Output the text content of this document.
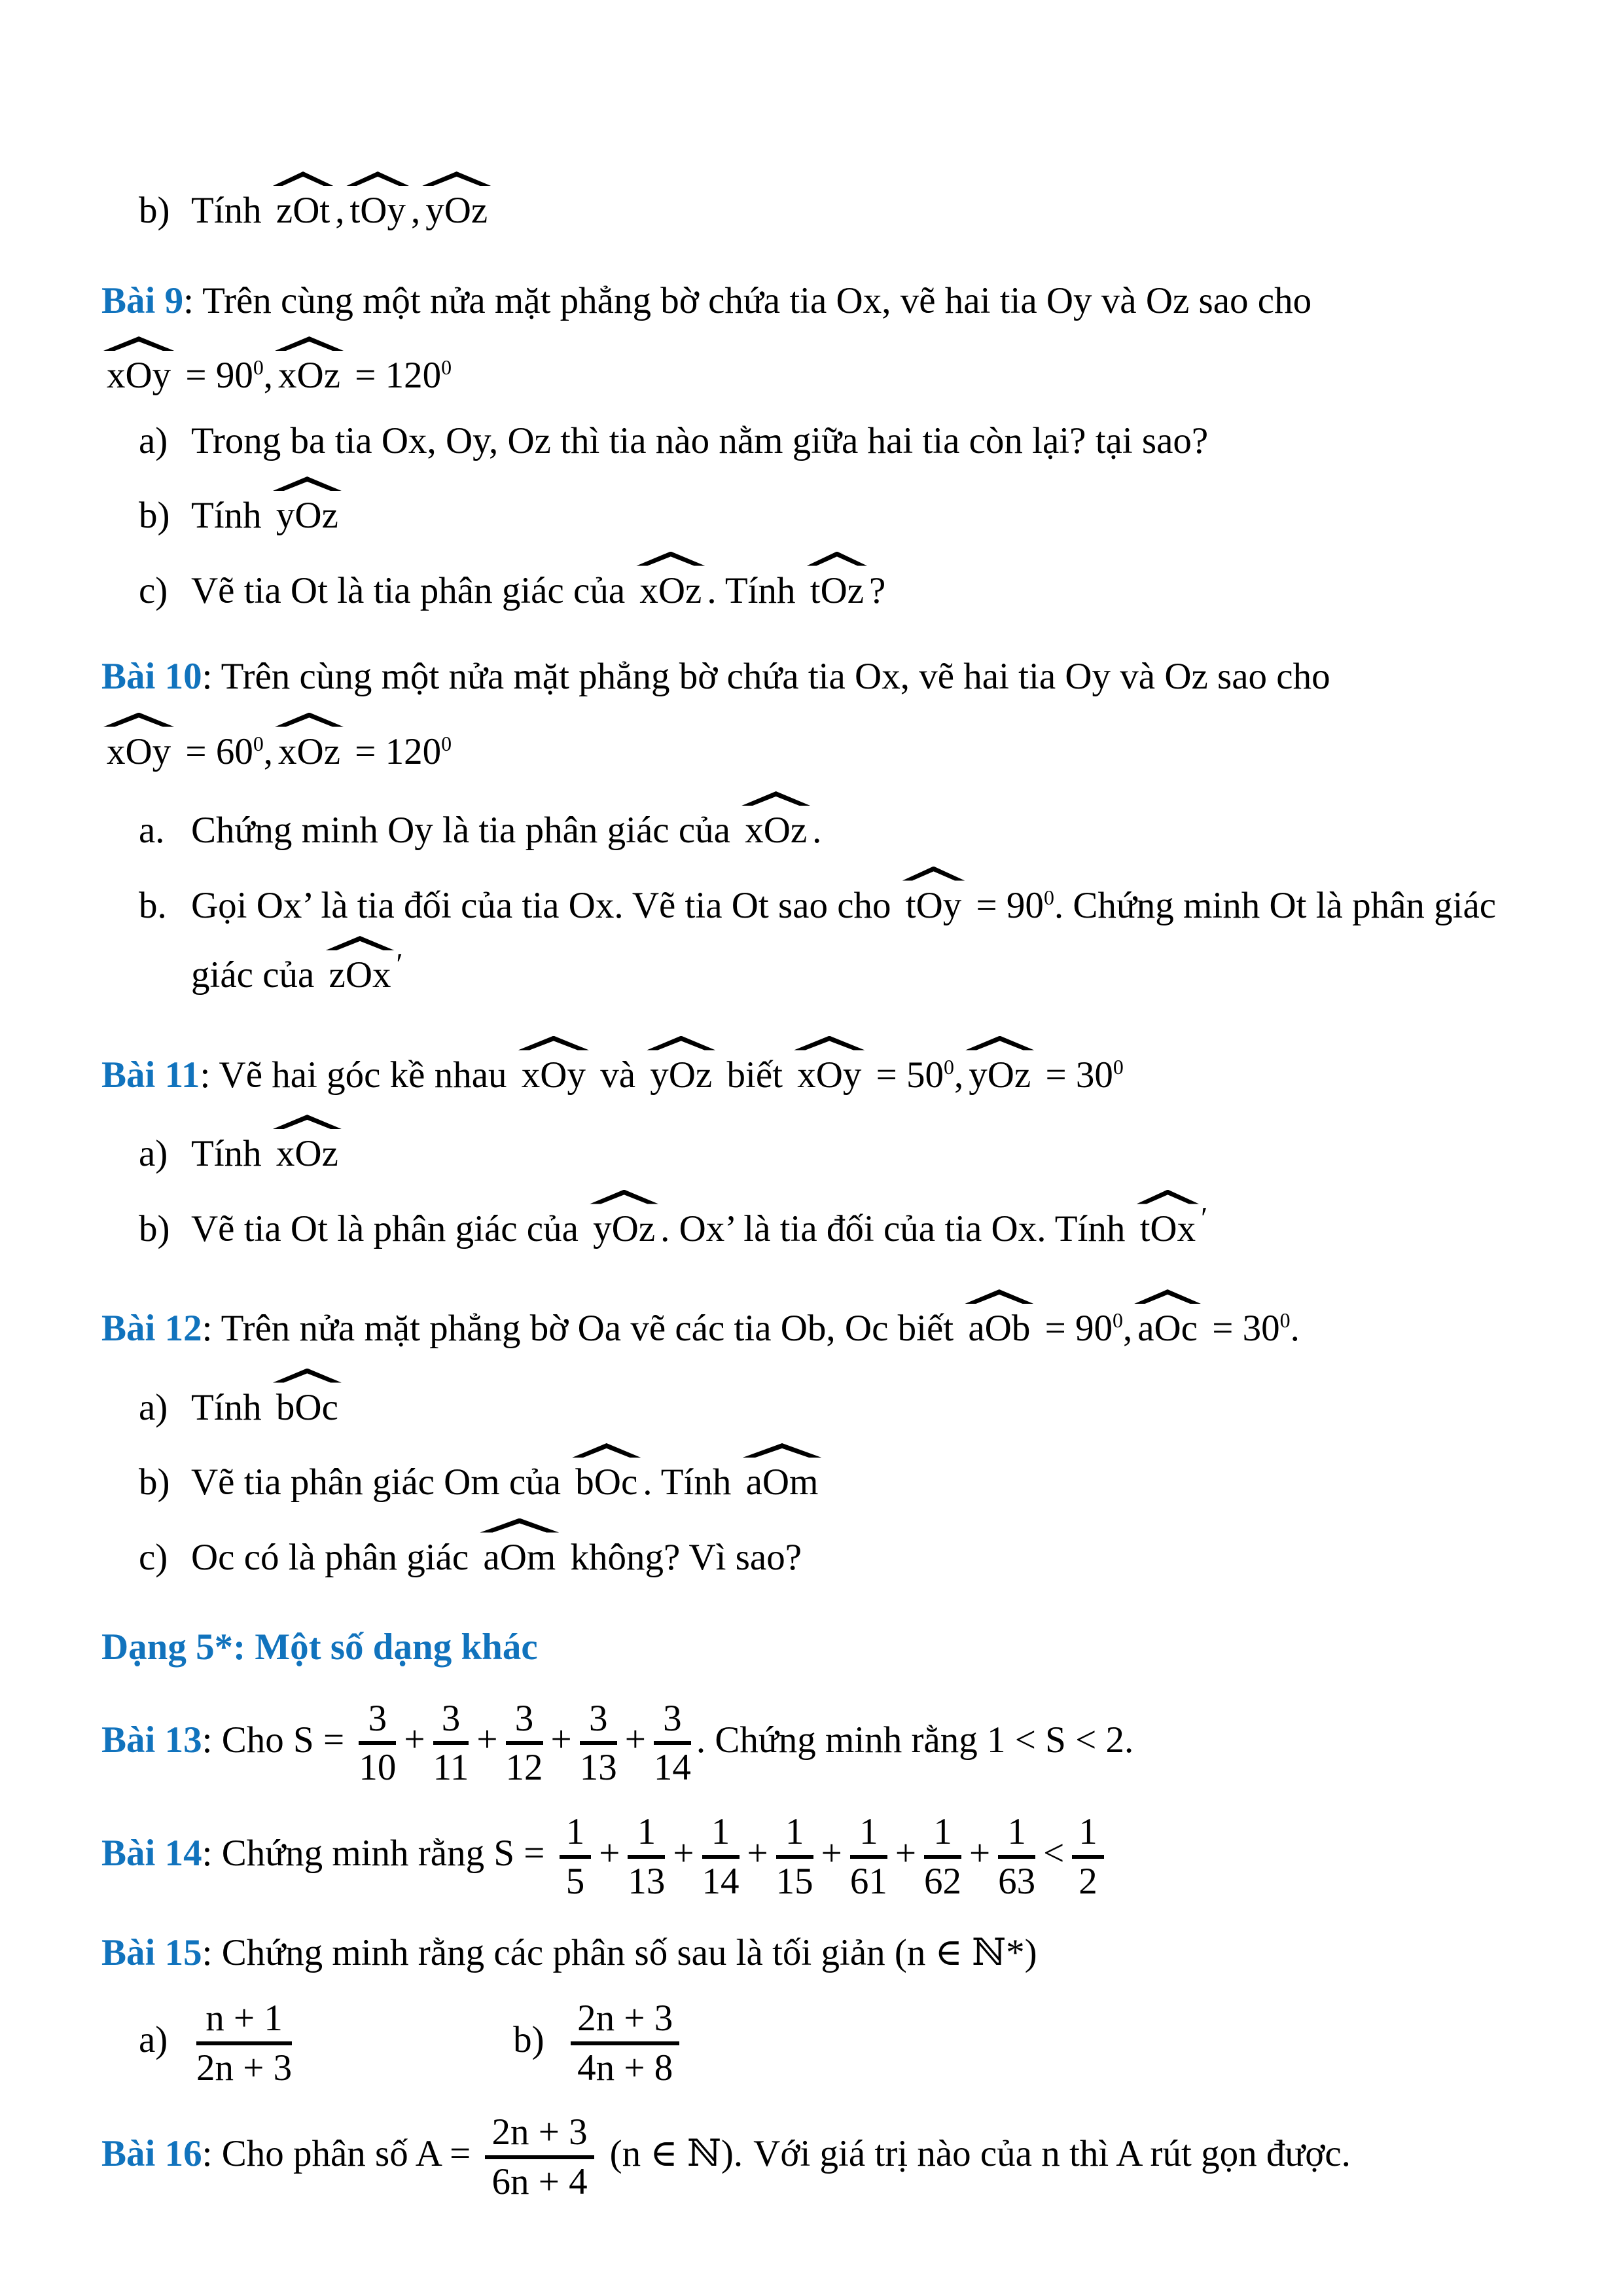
b) Tính zOt , tOy , yOz

Bài 9: Trên cùng một nửa mặt phẳng bờ chứa tia Ox, vẽ hai tia Oy và Oz sao cho

xOy = $90^0$, xOz = $120^0$

a) Trong ba tia Ox, Oy, Oz thì tia nào nằm giữa hai tia còn lại? tại sao?

b) Tính yOz

c) Vẽ tia Ot là tia phân giác của xOz . Tính tOz ?

Bài 10: Trên cùng một nửa mặt phẳng bờ chứa tia Ox, vẽ hai tia Oy và Oz sao cho

xOy = $60^0$, xOz = $120^0$

a. Chứng minh Oy là tia phân giác của xOz .

b. Gọi Ox’ là tia đối của tia Ox. Vẽ tia Ot sao cho tOy = $90^0$. Chứng minh Ot là phân giác giác của zOx ′

Bài 11: Vẽ hai góc kề nhau xOy và yOz biết xOy = $50^0$, yOz = $30^0$

a) Tính xOz

b) Vẽ tia Ot là phân giác của yOz . Ox’ là tia đối của tia Ox. Tính tOx ′

Bài 12: Trên nửa mặt phẳng bờ Oa vẽ các tia Ob, Oc biết aOb = $90^0$, aOc = $30^0$.

a) Tính bOc

b) Vẽ tia phân giác Om của bOc . Tính aOm

c) Oc có là phân giác aOm không? Vì sao?

Dạng 5*: Một số dạng khác

Bài 13: Cho $S = \frac{3}{10} + \frac{3}{11} + \frac{3}{12} + \frac{3}{13} + \frac{3}{14}$ . Chứng minh rằng 1 < S < 2.

Bài 14: Chứng minh rằng $S = \frac{1}{5} + \frac{1}{13} + \frac{1}{14} + \frac{1}{15} + \frac{1}{61} + \frac{1}{62} + \frac{1}{63} < \frac{1}{2}$

Bài 15: Chứng minh rằng các phân số sau là tối giản (n ∈ ℕ*)

$a) \frac{n + 1}{2n + 3}$	$b) \frac{2n + 3}{4n + 8}$

Bài 16: Cho phân số $A = \frac{2n + 3}{6n + 4} (n$ ∈ ℕ). Với giá trị nào của n thì A rút gọn được.
